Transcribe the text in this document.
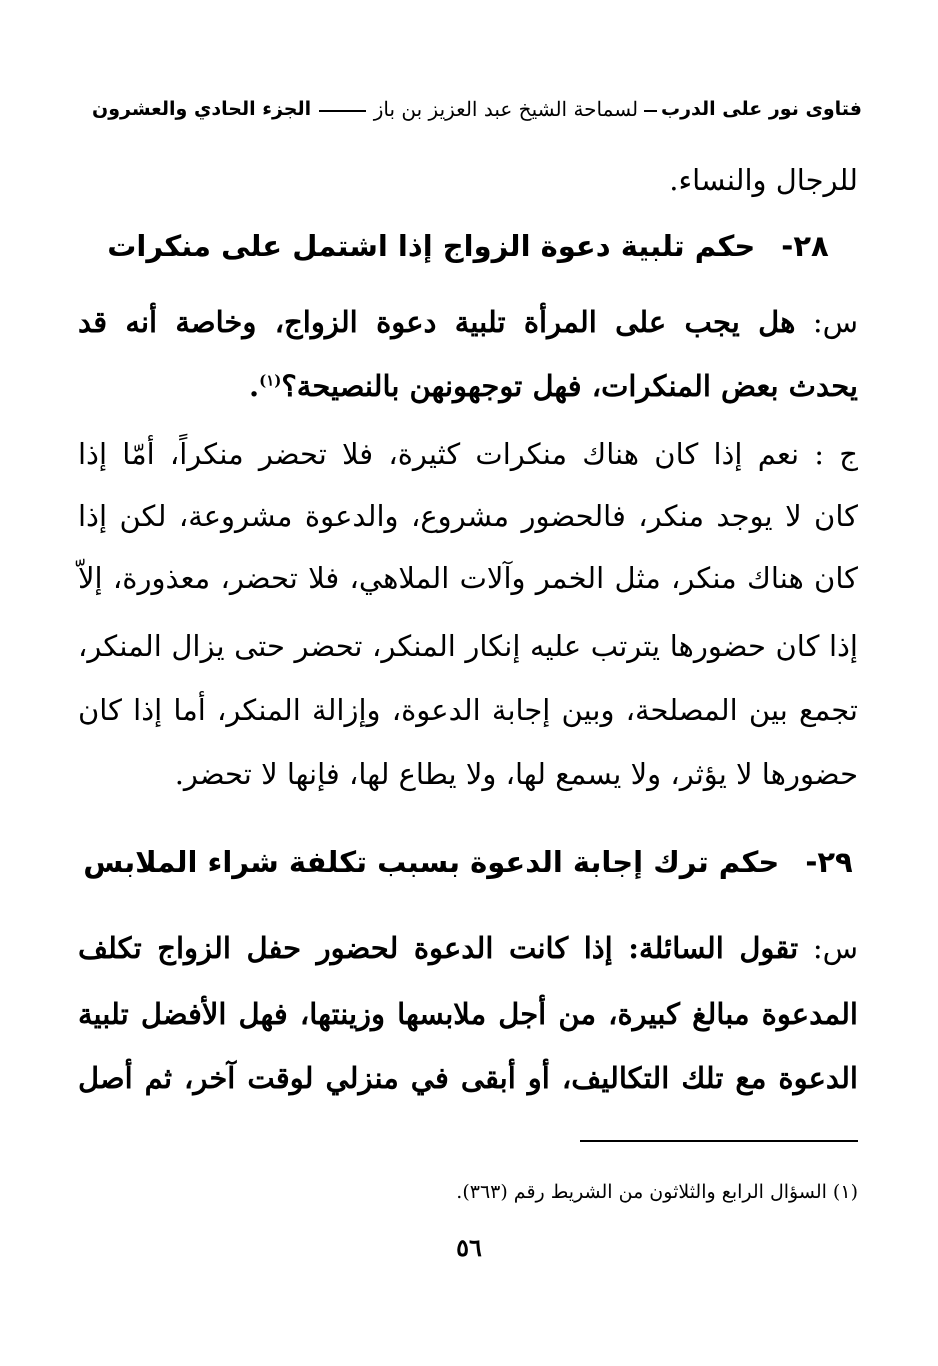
فتاوى نور على الدرب
لسماحة الشيخ عبد العزيز بن باز
الجزء الحادي والعشرون
للرجال والنساء.
٢٨-حكم تلبية دعوة الزواج إذا اشتمل على منكرات
س: هل يجب على المرأة تلبية دعوة الزواج، وخاصة أنه قد
يحدث بعض المنكرات، فهل توجهونهن بالنصيحة؟$^{(١)}$.
ج : نعم إذا كان هناك منكرات كثيرة، فلا تحضر منكراً، أمّا إذا
كان لا يوجد منكر، فالحضور مشروع، والدعوة مشروعة، لكن إذا
كان هناك منكر، مثل الخمر وآلات الملاهي، فلا تحضر، معذورة، إلاّ
إذا كان حضورها يترتب عليه إنكار المنكر، تحضر حتى يزال المنكر،
تجمع بين المصلحة، وبين إجابة الدعوة، وإزالة المنكر، أما إذا كان
حضورها لا يؤثر، ولا يسمع لها، ولا يطاع لها، فإنها لا تحضر.
٢٩-حكم ترك إجابة الدعوة بسبب تكلفة شراء الملابس
س: تقول السائلة: إذا كانت الدعوة لحضور حفل الزواج تكلف
المدعوة مبالغ كبيرة، من أجل ملابسها وزينتها، فهل الأفضل تلبية
الدعوة مع تلك التكاليف، أو أبقى في منزلي لوقت آخر، ثم أصل
(١) السؤال الرابع والثلاثون من الشريط رقم (٣٦٣).
٥٦
